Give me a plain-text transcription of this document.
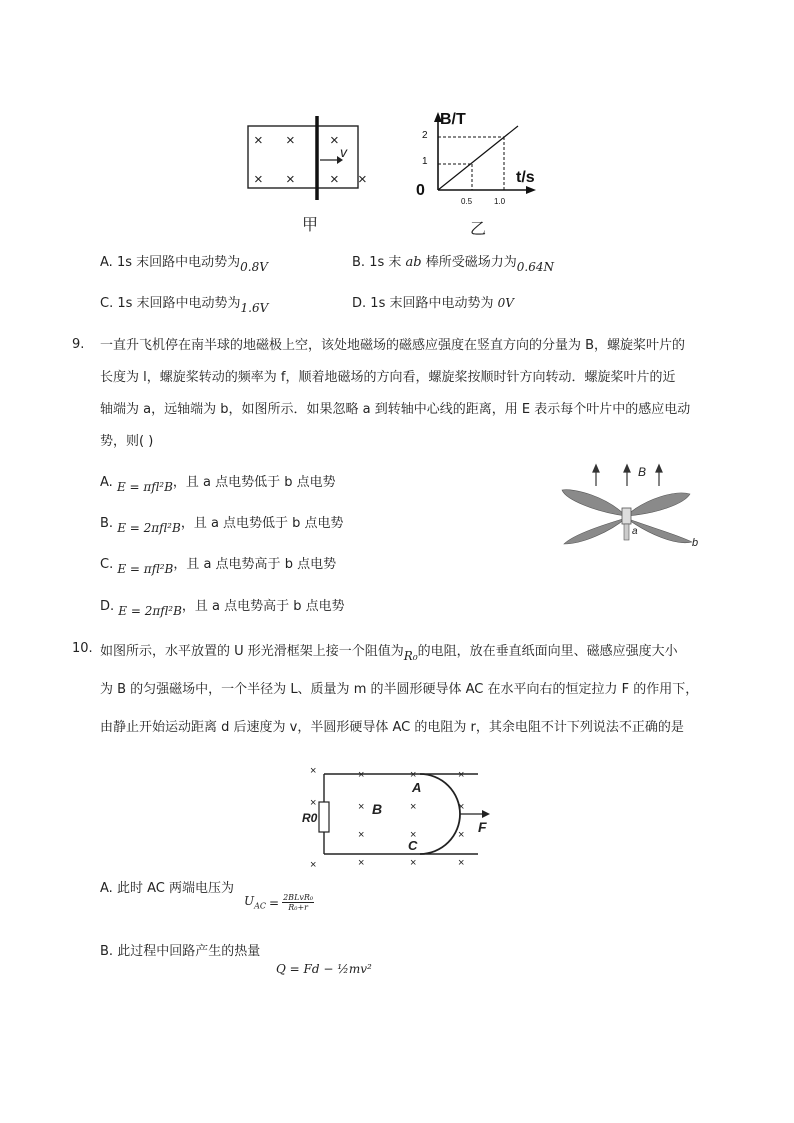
× × ×
× × × ×
v
甲
B/T
t/s
0
1
2
0.5	1.0
乙
A. 1s 末回路中电动势为0.8V	B. 1s 末 ab 棒所受磁场力为0.64N
C. 1s 末回路中电动势为1.6V	D. 1s 末回路中电动势为 0V
9. 一直升飞机停在南半球的地磁极上空，该处地磁场的磁感应强度在竖直方向的分量为 B，螺旋桨叶片的
长度为 l，螺旋桨转动的频率为 f，顺着地磁场的方向看，螺旋桨按顺时针方向转动．螺旋桨叶片的近
轴端为 a，远轴端为 b，如图所示．如果忽略 a 到转轴中心线的距离，用 E 表示每个叶片中的感应电动
势，则( )
A. E = πfl²B，且 a 点电势低于 b 点电势
B. E = 2πfl²B，且 a 点电势低于 b 点电势
C. E = πfl²B，且 a 点电势高于 b 点电势
D. E = 2πfl²B，且 a 点电势高于 b 点电势
B
a
b
10. 如图所示，水平放置的 U 形光滑框架上接一个阻值为R₀的电阻，放在垂直纸面向里、磁感应强度大小
为 B 的匀强磁场中，一个半径为 L、质量为 m 的半圆形硬导体 AC 在水平向右的恒定拉力 F 的作用下，
由静止开始运动距离 d 后速度为 v，半圆形硬导体 AC 的电阻为 r，其余电阻不计下列说法不正确的是
R0
×	×	×	×
×	×	×	×
×	×	×
×	×	×	×
B
A
C
F
A. 此时 AC 两端电压为
$U_{AC}$ = 2BLvR₀
R₀+r
B. 此过程中回路产生的热量
Q = Fd − ½mv²
